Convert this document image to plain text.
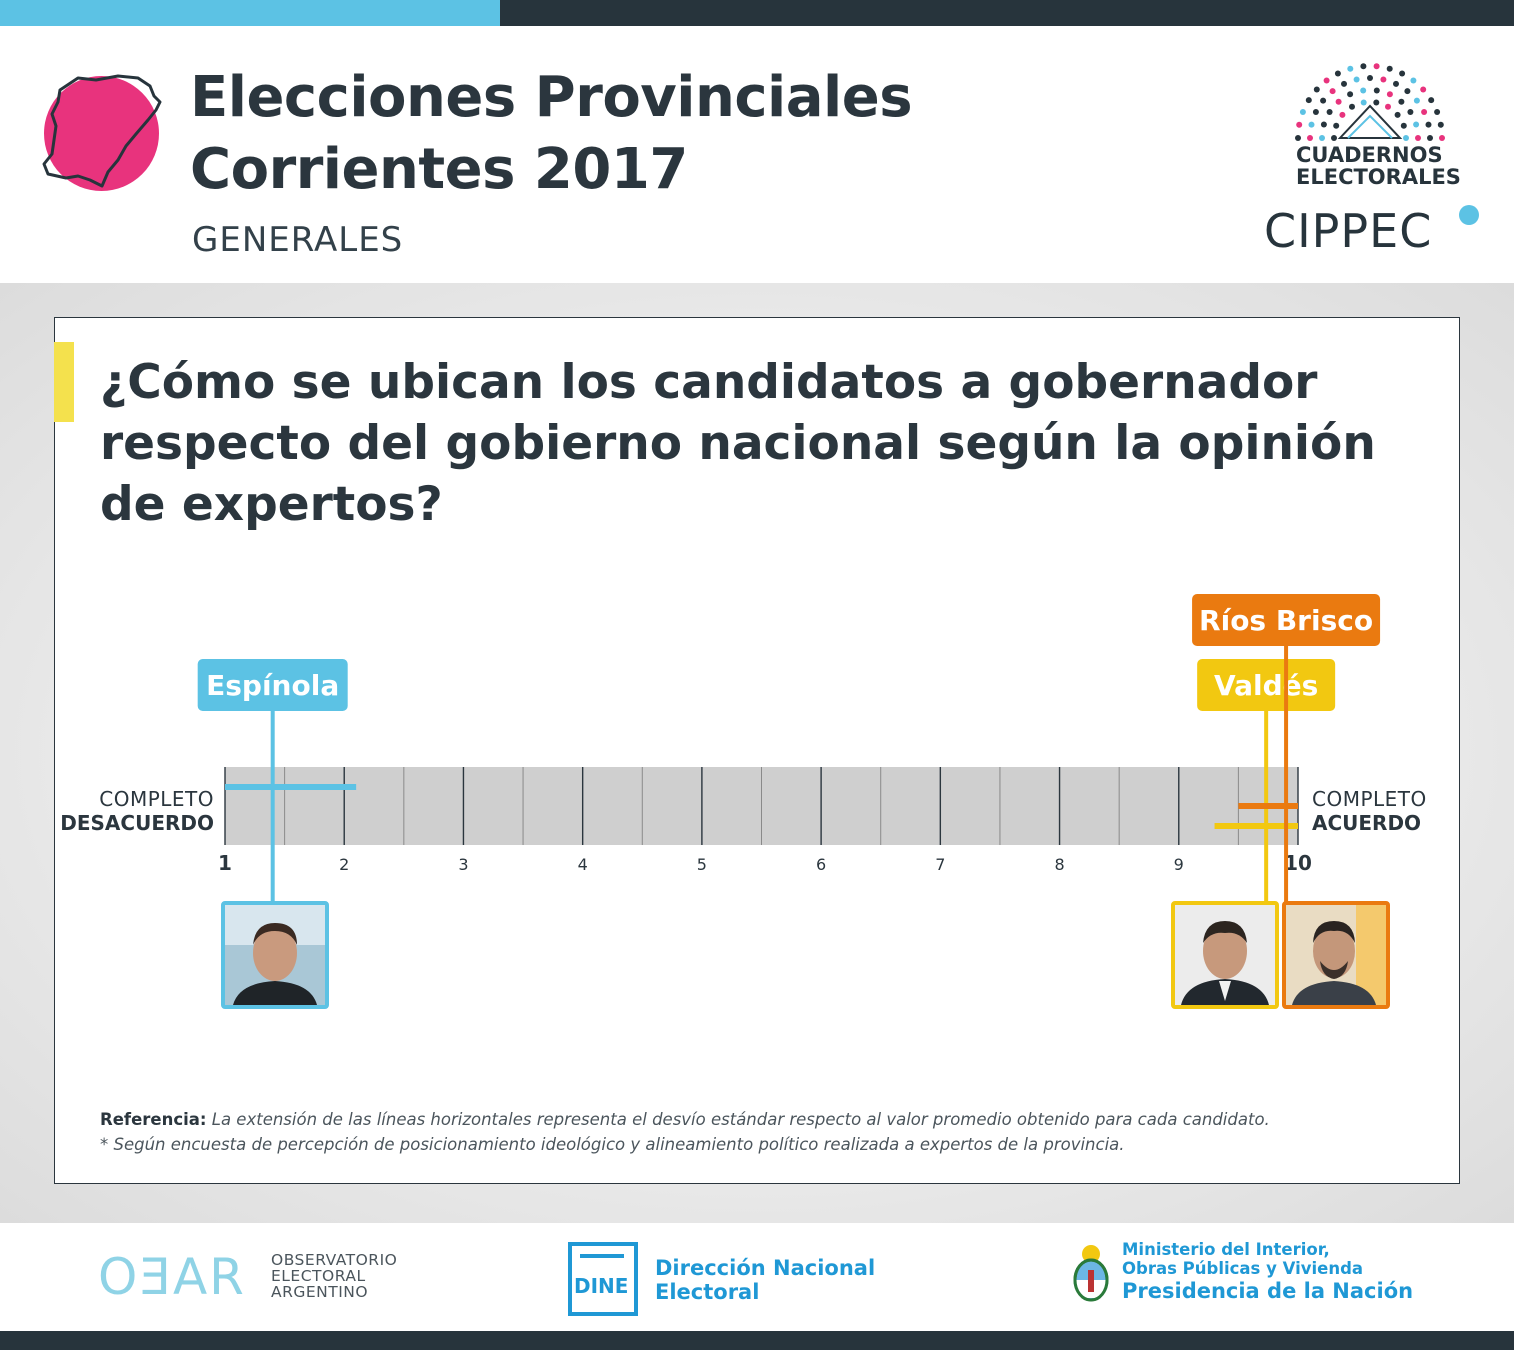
Elecciones Provinciales
Corrientes 2017
GENERALES
CUADERNOS
ELECTORALES
CIPPEC
¿Cómo se ubican los candidatos a gobernador respecto del gobierno nacional según la opinión de expertos?
COMPLETO
DESACUERDO
COMPLETO
ACUERDO
1	2	3	4	5	6	7	8	9	10
Espínola	Valdés
Ríos Brisco
Referencia: La extensión de las líneas horizontales representa el desvío estándar respecto al valor promedio obtenido para cada candidato.
* Según encuesta de percepción de posicionamiento ideológico y alineamiento político realizada a expertos de la provincia.
OƎAR OBSERVATORIO
ELECTORAL
ARGENTINO	DINE
Dirección Nacional
Electoral
Ministerio del Interior,
Obras Públicas y Vivienda
Presidencia de la Nación
